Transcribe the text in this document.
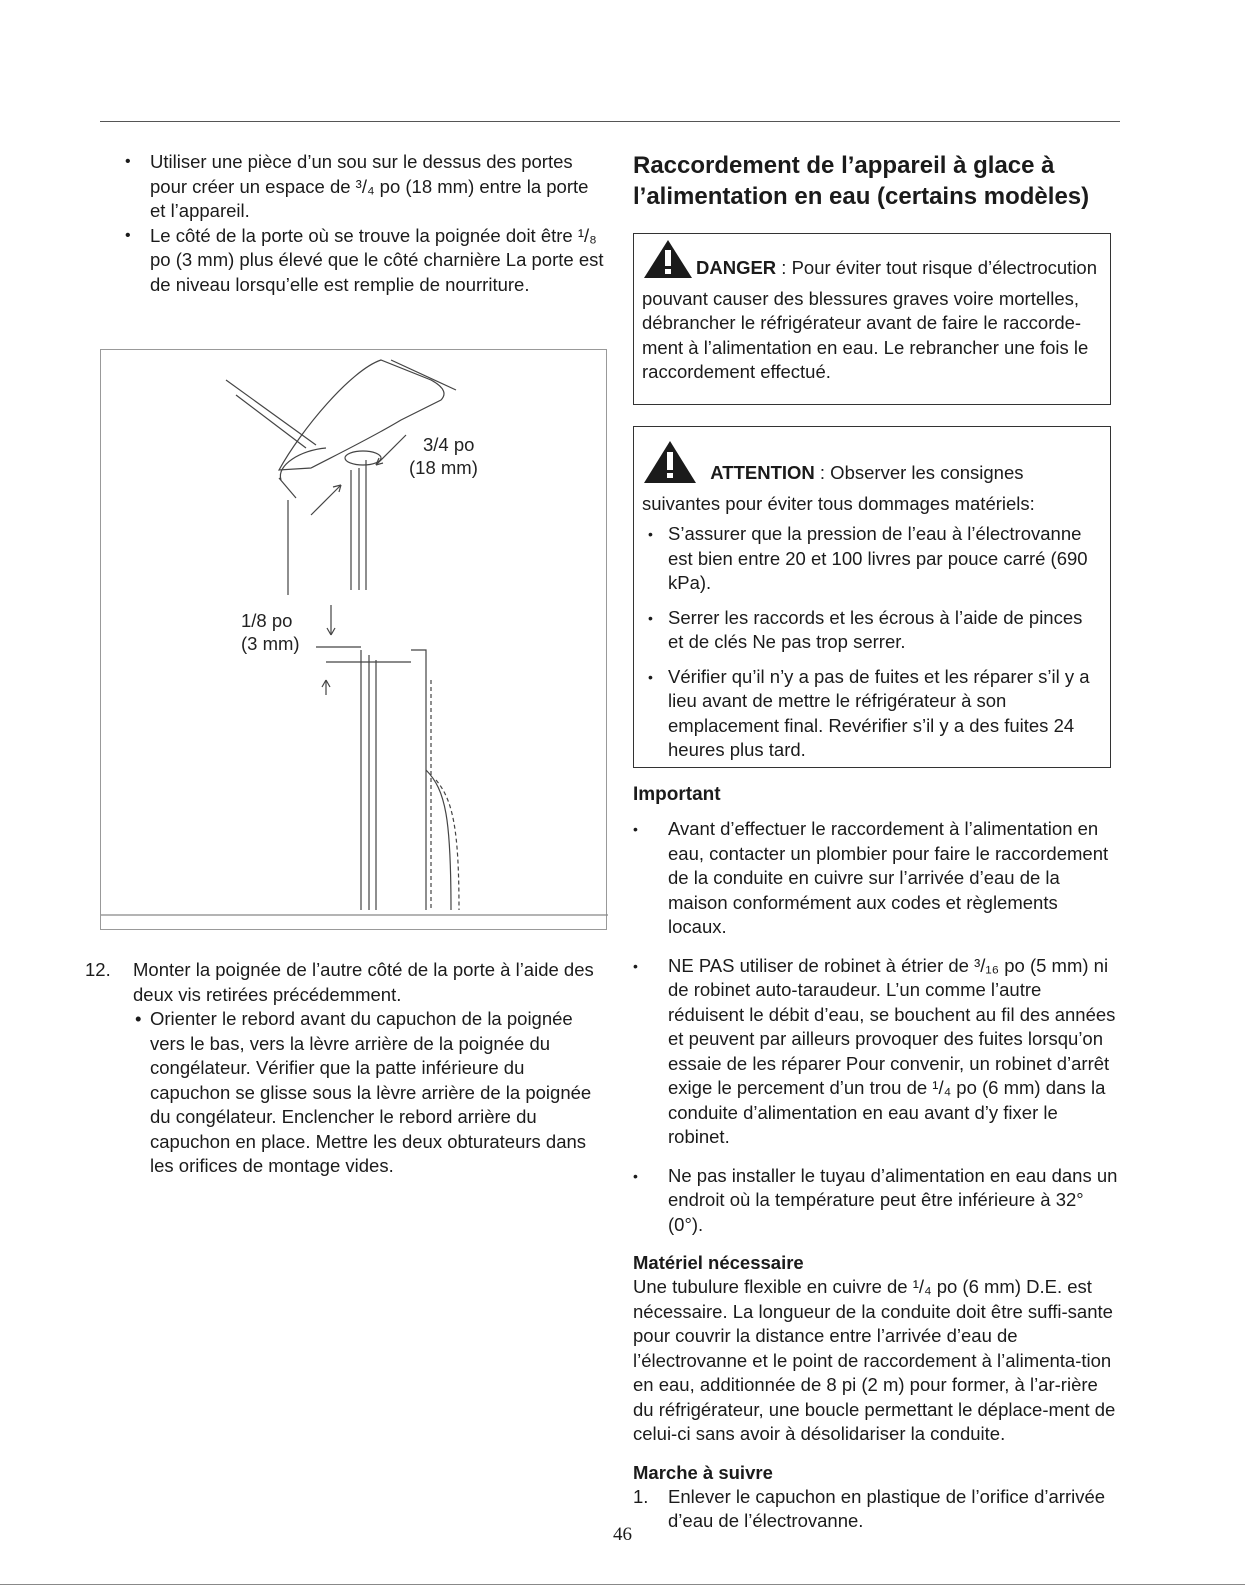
• Utiliser une pièce d’un sou sur le dessus des portes pour créer un espace de ³/₄ po (18 mm) entre la porte et l’appareil.
• Le côté de la porte où se trouve la poignée doit être ¹/₈ po (3 mm) plus élevé que le côté charnière La porte est de niveau lorsqu’elle est remplie de nourriture.
3/4 po
(18 mm)
1/8 po
(3 mm)
12.	Monter la poignée de l’autre côté de la porte à l’aide des deux vis retirées précédemment.
• Orienter le rebord avant du capuchon de la poignée vers le bas, vers la lèvre arrière de la poignée du congélateur. Vérifier que la patte inférieure du capuchon se glisse sous la lèvre arrière de la poignée du congélateur. Enclencher le rebord arrière du capuchon en place. Mettre les deux obturateurs dans les orifices de montage vides.
Raccordement de l’appareil à glace à l’alimentation en eau (certains modèles)
DANGER : Pour éviter tout risque d’électrocution pouvant causer des blessures graves voire mortelles, débrancher le réfrigérateur avant de faire le raccorde-ment à l’alimentation en eau. Le rebrancher une fois le raccordement effectué.
ATTENTION : Observer les consignes suivantes pour éviter tous dommages matériels:
• S’assurer que la pression de l’eau à l’électrovanne est bien entre 20 et 100 livres par pouce carré (690 kPa).
• Serrer les raccords et les écrous à l’aide de pinces et de clés Ne pas trop serrer.
• Vérifier qu’il n’y a pas de fuites et les réparer s’il y a lieu avant de mettre le réfrigérateur à son emplacement final. Revérifier s’il y a des fuites 24 heures plus tard.
Important
• Avant d’effectuer le raccordement à l’alimentation en eau, contacter un plombier pour faire le raccordement de la conduite en cuivre sur l’arrivée d’eau de la maison conformément aux codes et règlements locaux.
• NE PAS utiliser de robinet à étrier de ³/₁₆ po (5 mm) ni de robinet auto-taraudeur. L’un comme l’autre réduisent le débit d’eau, se bouchent au fil des années et peuvent par ailleurs provoquer des fuites lorsqu’on essaie de les réparer Pour convenir, un robinet d’arrêt exige le percement d’un trou de ¹/₄ po (6 mm) dans la conduite d’alimentation en eau avant d’y fixer le robinet.
• Ne pas installer le tuyau d’alimentation en eau dans un endroit où la température peut être inférieure à 32° (0°).
Matériel nécessaire

Une tubulure flexible en cuivre de ¹/₄ po (6 mm) D.E. est nécessaire. La longueur de la conduite doit être suffi-sante pour couvrir la distance entre l’arrivée d’eau de l’électrovanne et le point de raccordement à l’alimenta-tion en eau, additionnée de 8 pi (2 m) pour former, à l’ar-rière du réfrigérateur, une boucle permettant le déplace-ment de celui-ci sans avoir à désolidariser la conduite.

Marche à suivre
1. Enlever le capuchon en plastique de l’orifice d’arrivée d’eau de l’électrovanne.
46
